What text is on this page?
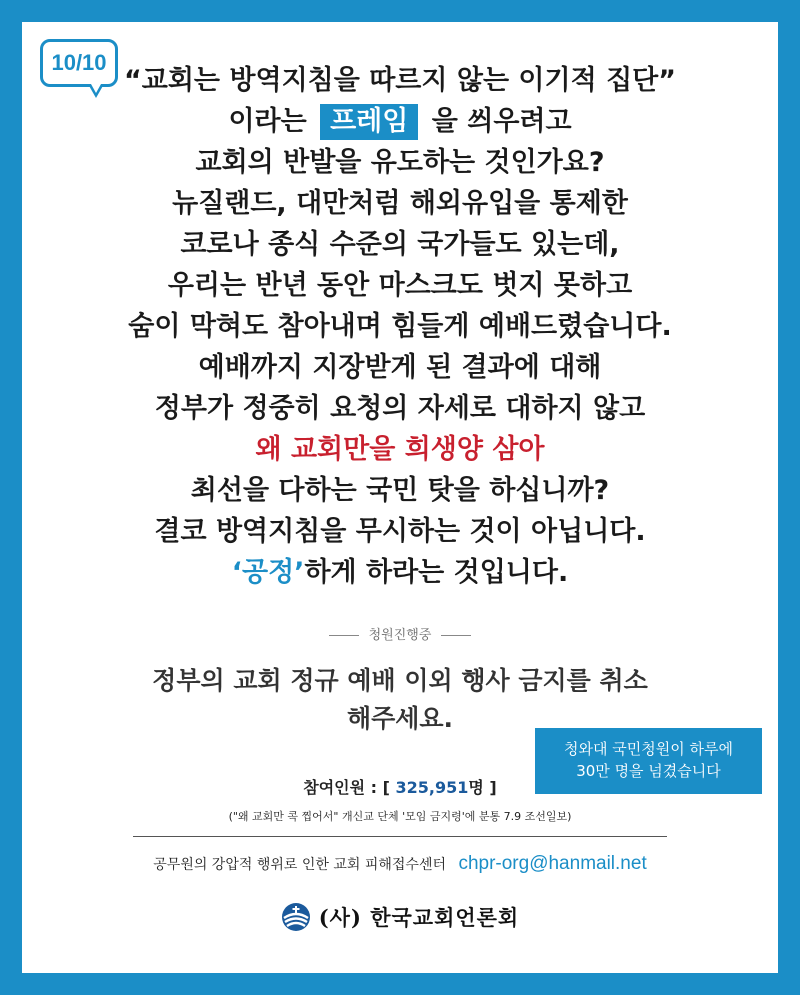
10/10
“교회는 방역지침을 따르지 않는 이기적 집단”
이라는 프레임 을 씌우려고
교회의 반발을 유도하는 것인가요?
뉴질랜드, 대만처럼 해외유입을 통제한
코로나 종식 수준의 국가들도 있는데,
우리는 반년 동안 마스크도 벗지 못하고
숨이 막혀도 참아내며 힘들게 예배드렸습니다.
예배까지 지장받게 된 결과에 대해
정부가 정중히 요청의 자세로 대하지 않고
왜 교회만을 희생양 삼아
최선을 다하는 국민 탓을 하십니까?
결코 방역지침을 무시하는 것이 아닙니다.
‘공정’하게 하라는 것입니다.
청원진행중
정부의 교회 정규 예배 이외 행사 금지를 취소
해주세요.
청와대 국민청원이 하루에
30만 명을 넘겼습니다
참여인원 : [ 325,951명 ]
("왜 교회만 콕 찝어서" 개신교 단체 '모임 금지령'에 분통 7.9 조선일보)
공무원의 강압적 행위로 인한 교회 피해접수센터 chpr-org@hanmail.net
(사) 한국교회언론회
